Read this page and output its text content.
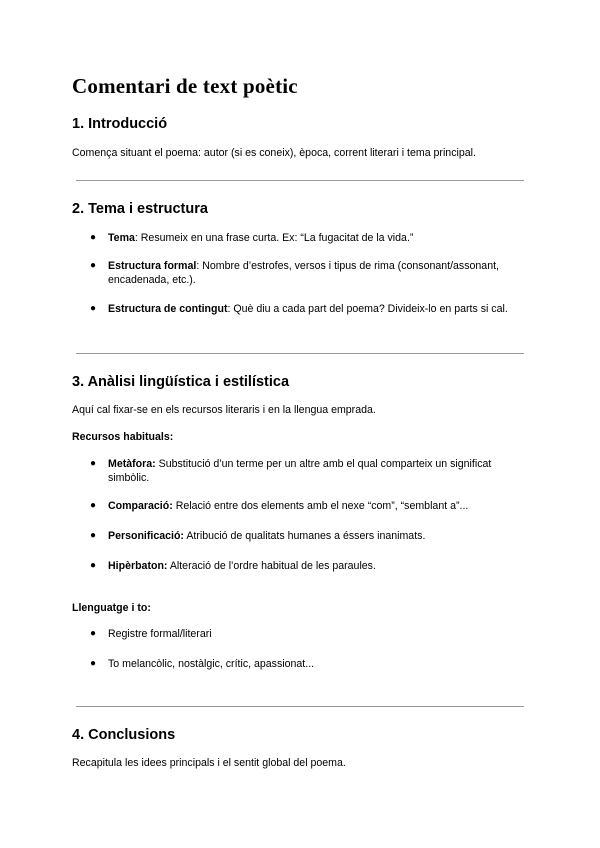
Comentari de text poètic
1. Introducció

Comença situant el poema: autor (si es coneix), època, corrent literari i tema principal.

2. Tema i estructura
● Tema: Resumeix en una frase curta. Ex: “La fugacitat de la vida.”
● Estructura formal: Nombre d’estrofes, versos i tipus de rima (consonant/assonant, encadenada, etc.).
● Estructura de contingut: Què diu a cada part del poema? Divideix-lo en parts si cal.
3. Anàlisi lingüística i estilística

Aquí cal fixar-se en els recursos literaris i en la llengua emprada.

Recursos habituals:

● Metàfora: Substitució d’un terme per un altre amb el qual comparteix un significat simbòlic.
● Comparació: Relació entre dos elements amb el nexe “com”, “semblant a”...
● Personificació: Atribució de qualitats humanes a éssers inanimats.
● Hipèrbaton: Alteració de l’ordre habitual de les paraules.

Llenguatge i to:

● Registre formal/literari
● To melancòlic, nostàlgic, crític, apassionat...
4. Conclusions

Recapitula les idees principals i el sentit global del poema.
